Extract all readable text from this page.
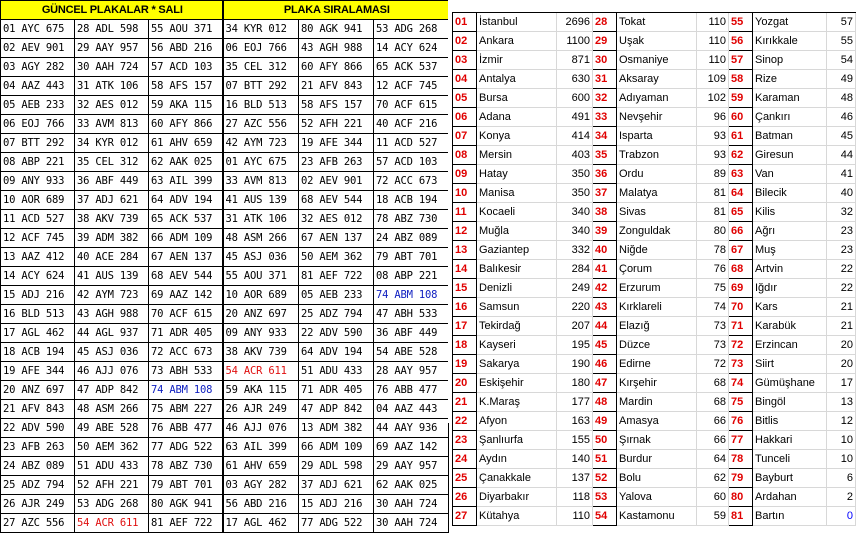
GÜNCEL PLAKALAR * SALI			PLAKA SIRALAMASI		
01 AYC 675	28 ADL 598	55 AOU 371	34 KYR 012	80 AGK 941	53 ADG 268
02 AEV 901	29 AAY 957	56 ABD 216	06 EOJ 766	43 AGH 988	14 ACY 624
03 AGY 282	30 AAH 724	57 ACD 103	35 CEL 312	60 AFY 866	65 ACK 537
04 AAZ 443	31 ATK 106	58 AFS 157	07 BTT 292	21 AFV 843	12 ACF 745
05 AEB 233	32 AES 012	59 AKA 115	16 BLD 513	58 AFS 157	70 ACF 615
06 EOJ 766	33 AVM 813	60 AFY 866	27 AZC 556	52 AFH 221	40 ACF 216
07 BTT 292	34 KYR 012	61 AHV 659	42 AYM 723	19 AFE 344	11 ACD 527
08 ABP 221	35 CEL 312	62 AAK 025	01 AYC 675	23 AFB 263	57 ACD 103
09 ANY 933	36 ABF 449	63 AIL 399	33 AVM 813	02 AEV 901	72 ACC 673
10 AOR 689	37 ADJ 621	64 ADV 194	41 AUS 139	68 AEV 544	18 ACB 194
11 ACD 527	38 AKV 739	65 ACK 537	31 ATK 106	32 AES 012	78 ABZ 730
12 ACF 745	39 ADM 382	66 ADM 109	48 ASM 266	67 AEN 137	24 ABZ 089
13 AAZ 412	40 ACE 284	67 AEN 137	45 ASJ 036	50 AEM 362	79 ABT 701
14 ACY 624	41 AUS 139	68 AEV 544	55 AOU 371	81 AEF 722	08 ABP 221
15 ADJ 216	42 AYM 723	69 AAZ 142	10 AOR 689	05 AEB 233	74 ABM 108
16 BLD 513	43 AGH 988	70 ACF 615	20 ANZ 697	25 ADZ 794	47 ABH 533
17 AGL 462	44 AGL 937	71 ADR 405	09 ANY 933	22 ADV 590	36 ABF 449
18 ACB 194	45 ASJ 036	72 ACC 673	38 AKV 739	64 ADV 194	54 ABE 528
19 AFE 344	46 AJJ 076	73 ABH 533	54 ACR 611	51 ADU 433	28 AAY 957
20 ANZ 697	47 ADP 842	74 ABM 108	59 AKA 115	71 ADR 405	76 ABB 477
21 AFV 843	48 ASM 266	75 ABM 227	26 AJR 249	47 ADP 842	04 AAZ 443
22 ADV 590	49 ABE 528	76 ABB 477	46 AJJ 076	13 ADM 382	44 AAY 936
23 AFB 263	50 AEM 362	77 ADG 522	63 AIL 399	66 ADM 109	69 AAZ 142
24 ABZ 089	51 ADU 433	78 ABZ 730	61 AHV 659	29 ADL 598	29 AAY 957
25 ADZ 794	52 AFH 221	79 ABT 701	03 AGY 282	37 ADJ 621	62 AAK 025
26 AJR 249	53 ADG 268	80 AGK 941	56 ABD 216	15 ADJ 216	30 AAH 724
27 AZC 556	54 ACR 611	81 AEF 722	17 AGL 462	77 ADG 522	30 AAH 724

01	İstanbul	2696	28	Tokat	110	55	Yozgat	57
02	Ankara	1100	29	Uşak	110	56	Kırıkkale	55
03	İzmir	871	30	Osmaniye	110	57	Sinop	54
04	Antalya	630	31	Aksaray	109	58	Rize	49
05	Bursa	600	32	Adıyaman	102	59	Karaman	48
06	Adana	491	33	Nevşehir	96	60	Çankırı	46
07	Konya	414	34	Isparta	93	61	Batman	45
08	Mersin	403	35	Trabzon	93	62	Giresun	44
09	Hatay	350	36	Ordu	89	63	Van	41
10	Manisa	350	37	Malatya	81	64	Bilecik	40
11	Kocaeli	340	38	Sivas	81	65	Kilis	32
12	Muğla	340	39	Zonguldak	80	66	Ağrı	23
13	Gaziantep	332	40	Niğde	78	67	Muş	23
14	Balıkesir	284	41	Çorum	76	68	Artvin	22
15	Denizli	249	42	Erzurum	75	69	Iğdır	22
16	Samsun	220	43	Kırklareli	74	70	Kars	21
17	Tekirdağ	207	44	Elazığ	73	71	Karabük	21
18	Kayseri	195	45	Düzce	73	72	Erzincan	20
19	Sakarya	190	46	Edirne	72	73	Siirt	20
20	Eskişehir	180	47	Kırşehir	68	74	Gümüşhane	17
21	K.Maraş	177	48	Mardin	68	75	Bingöl	13
22	Afyon	163	49	Amasya	66	76	Bitlis	12
23	Şanlıurfa	155	50	Şırnak	66	77	Hakkari	10
24	Aydın	140	51	Burdur	64	78	Tunceli	10
25	Çanakkale	137	52	Bolu	62	79	Bayburt	6
26	Diyarbakır	118	53	Yalova	60	80	Ardahan	2
27	Kütahya	110	54	Kastamonu	59	81	Bartın	0
